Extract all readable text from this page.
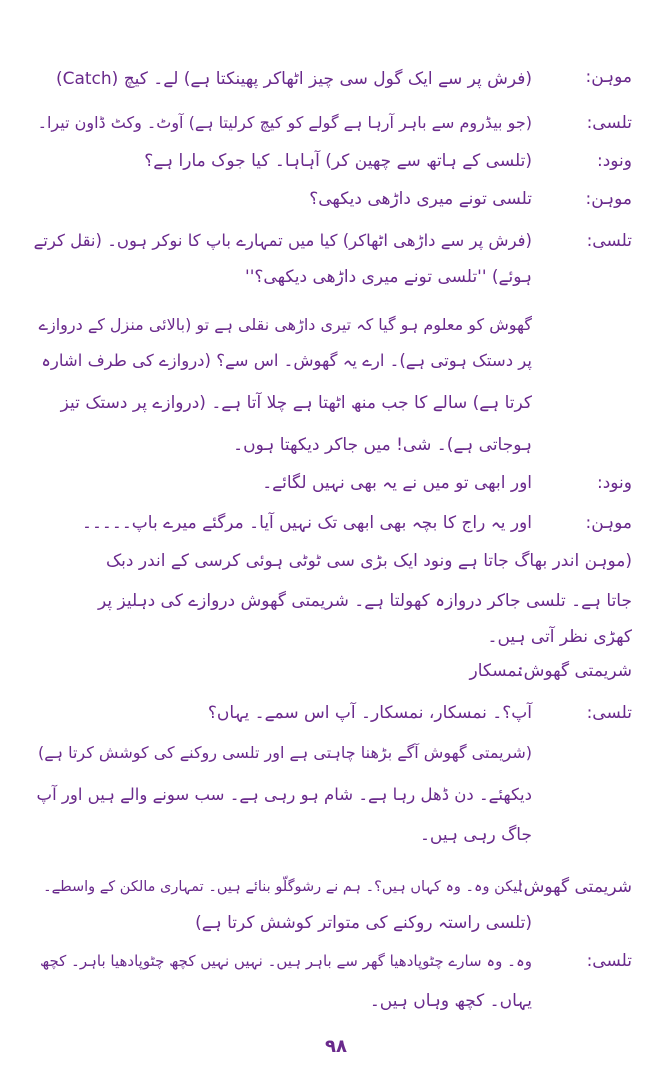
موہن:
تلسی:
ونود:
موہن:
تلسی:
ونود:
موہن:
شریمتی گھوش:
تلسی:
شریمتی گھوش:
تلسی:
(فرش پر سے ایک گول سی چیز اٹھاکر پھینکتا ہے) لے۔ کیچ (Catch)
(جو بیڈروم سے باہر آرہا ہے گولے کو کیچ کرلیتا ہے) آوٹ۔ وکٹ ڈاون تیرا۔
(تلسی کے ہاتھ سے چھین کر) آہاہا۔ کیا جوک مارا ہے؟
تلسی تونے میری داڑھی دیکھی؟
(فرش پر سے داڑھی اٹھاکر) کیا میں تمہارے باپ کا نوکر ہوں۔ (نقل کرتے
ہوئے) ''تلسی تونے میری داڑھی دیکھی؟''
گھوش کو معلوم ہو گیا کہ تیری داڑھی نقلی ہے تو (بالائی منزل کے دروازے
پر دستک ہوتی ہے)۔ ارے یہ گھوش۔ اس سے؟ (دروازے کی طرف اشارہ
کرتا ہے) سالے کا جب منھ اٹھتا ہے چلا آتا ہے۔ (دروازے پر دستک تیز
ہوجاتی ہے)۔ شی! میں جاکر دیکھتا ہوں۔
اور ابھی تو میں نے یہ بھی نہیں لگائے۔
اور یہ راج کا بچہ بھی ابھی تک نہیں آیا۔ مرگئے میرے باپ۔۔۔۔۔
(موہن اندر بھاگ جاتا ہے ونود ایک بڑی سی ٹوٹی ہوئی کرسی کے اندر دبک
جاتا ہے۔ تلسی جاکر دروازہ کھولتا ہے۔ شریمتی گھوش دروازے کی دہلیز پر
کھڑی نظر آتی ہیں۔
نمسکار
آپ؟۔ نمسکار، نمسکار۔ آپ اس سمے۔ یہاں؟
(شریمتی گھوش آگے بڑھنا چاہتی ہے اور تلسی روکنے کی کوشش کرتا ہے)
دیکھئے۔ دن ڈھل رہا ہے۔ شام ہو رہی ہے۔ سب سونے والے ہیں اور آپ
جاگ رہی ہیں۔
لیکن وہ۔ وہ کہاں ہیں؟۔ ہم نے رشوگلّو بنائے ہیں۔ تمہاری مالکن کے واسطے۔
(تلسی راستہ روکنے کی متواتر کوشش کرتا ہے)
وہ۔ وہ سارے چٹوپادھیا گھر سے باہر ہیں۔ نہیں نہیں کچھ چٹوپادھیا باہر۔ کچھ
یہاں۔ کچھ وہاں ہیں۔
۹۸
